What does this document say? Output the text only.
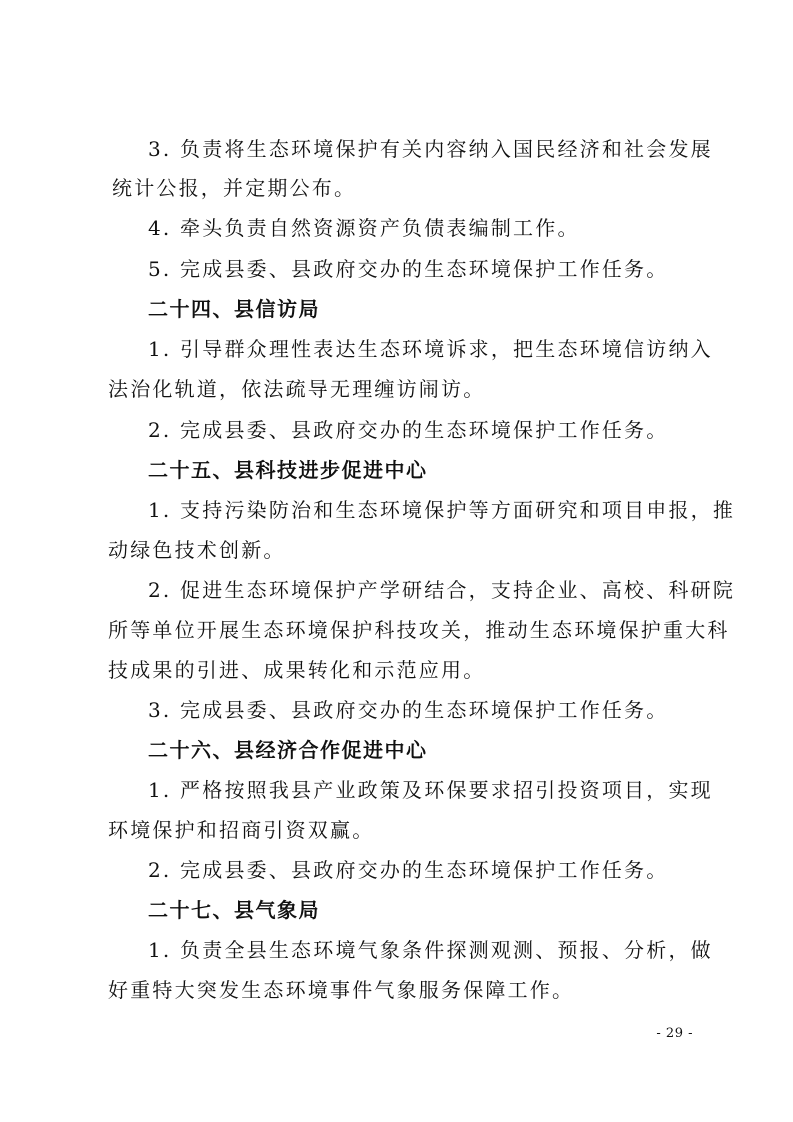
3. 负责将生态环境保护有关内容纳入国民经济和社会发展
统计公报，并定期公布。
4. 牵头负责自然资源资产负债表编制工作。
5. 完成县委、县政府交办的生态环境保护工作任务。
二十四、县信访局
1. 引导群众理性表达生态环境诉求，把生态环境信访纳入
法治化轨道，依法疏导无理缠访闹访。
2. 完成县委、县政府交办的生态环境保护工作任务。
二十五、县科技进步促进中心
1. 支持污染防治和生态环境保护等方面研究和项目申报，推
动绿色技术创新。
2. 促进生态环境保护产学研结合，支持企业、高校、科研院
所等单位开展生态环境保护科技攻关，推动生态环境保护重大科
技成果的引进、成果转化和示范应用。
3. 完成县委、县政府交办的生态环境保护工作任务。
二十六、县经济合作促进中心
1. 严格按照我县产业政策及环保要求招引投资项目，实现
环境保护和招商引资双赢。
2. 完成县委、县政府交办的生态环境保护工作任务。
二十七、县气象局
1. 负责全县生态环境气象条件探测观测、预报、分析，做
好重特大突发生态环境事件气象服务保障工作。
- 29 -
